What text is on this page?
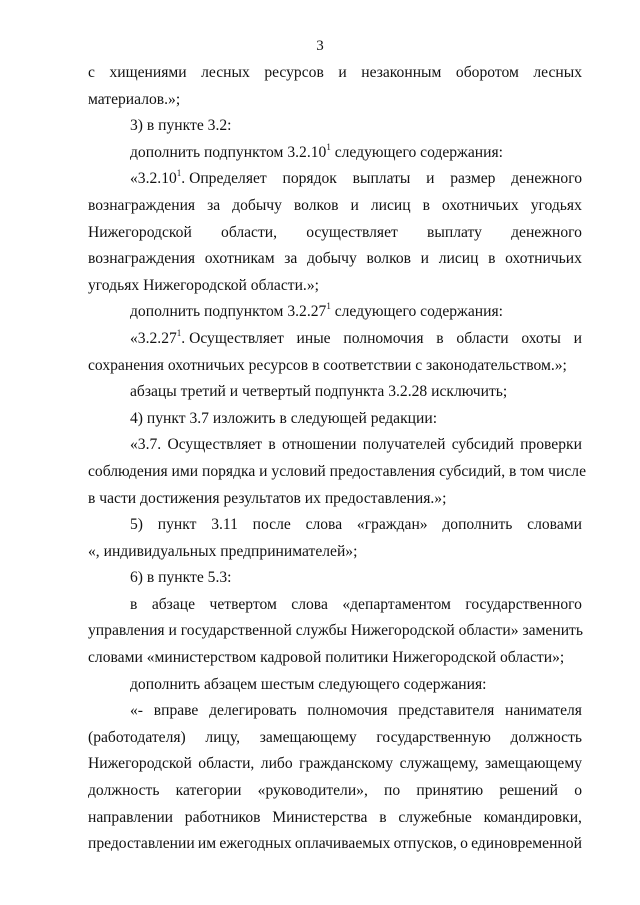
3
с хищениями лесных ресурсов и незаконным оборотом лесных
материалов.»;
3) в пункте 3.2:
дополнить подпунктом 3.2.10$^1$ следующего содержания:
«3.2.10$^1$. Определяет порядок выплаты и размер денежного
вознаграждения за добычу волков и лисиц в охотничьих угодьях
Нижегородской области, осуществляет выплату денежного
вознаграждения охотникам за добычу волков и лисиц в охотничьих
угодьях Нижегородской области.»;
дополнить подпунктом 3.2.27$^1$ следующего содержания:
«3.2.27$^1$. Осуществляет иные полномочия в области охоты и
сохранения охотничьих ресурсов в соответствии с законодательством.»;
абзацы третий и четвертый подпункта 3.2.28 исключить;
4) пункт 3.7 изложить в следующей редакции:
«3.7. Осуществляет в отношении получателей субсидий проверки
соблюдения ими порядка и условий предоставления субсидий, в том числе
в части достижения результатов их предоставления.»;
5) пункт 3.11 после слова «граждан» дополнить словами
«, индивидуальных предпринимателей»;
6) в пункте 5.3:
в абзаце четвертом слова «департаментом государственного
управления и государственной службы Нижегородской области» заменить
словами «министерством кадровой политики Нижегородской области»;
дополнить абзацем шестым следующего содержания:
«- вправе делегировать полномочия представителя нанимателя
(работодателя) лицу, замещающему государственную должность
Нижегородской области, либо гражданскому служащему, замещающему
должность категории «руководители», по принятию решений о
направлении работников Министерства в служебные командировки,
предоставлении им ежегодных оплачиваемых отпусков, о единовременной
